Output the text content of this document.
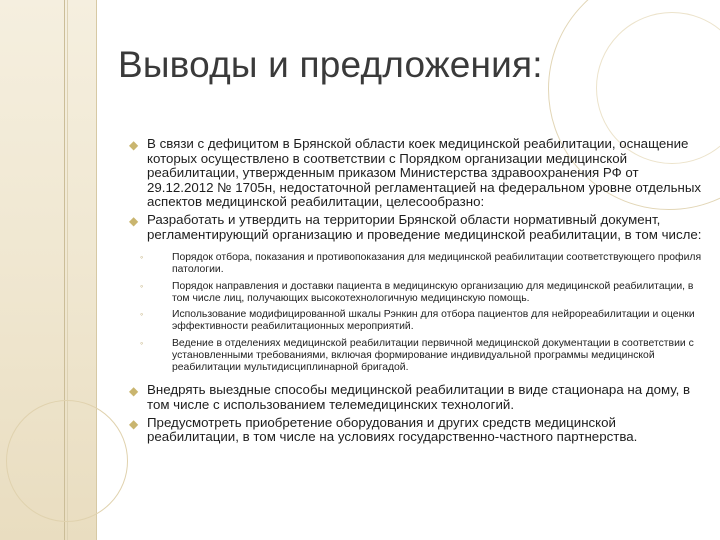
Выводы и предложения:
◆ В связи с дефицитом в Брянской области коек медицинской реабилитации, оснащение которых осуществлено в соответствии с Порядком организации медицинской реабилитации, утвержденным приказом Министерства здравоохранения РФ от 29.12.2012 № 1705н, недостаточной регламентацией на федеральном уровне отдельных аспектов медицинской реабилитации, целесообразно:
◆ Разработать и утвердить на территории Брянской области нормативный документ, регламентирующий организацию и проведение медицинской реабилитации, в том числе:
◦	Порядок отбора, показания и противопоказания для медицинской реабилитации соответствующего профиля патологии.
◦	Порядок направления и доставки пациента в медицинскую организацию для медицинской реабилитации, в том числе лиц, получающих высокотехнологичную медицинскую помощь.
◦	Использование модифицированной шкалы Рэнкин для отбора пациентов для нейрореабилитации и оценки эффективности реабилитационных мероприятий.
◦	Ведение в отделениях медицинской реабилитации первичной медицинской документации в соответствии с установленными требованиями, включая формирование индивидуальной программы медицинской реабилитации мультидисциплинарной бригадой.
◆ Внедрять выездные способы медицинской реабилитации в виде стационара на дому, в том числе с использованием телемедицинских технологий.
◆ Предусмотреть приобретение оборудования и других средств медицинской реабилитации, в том числе на условиях государственно-частного партнерства.
